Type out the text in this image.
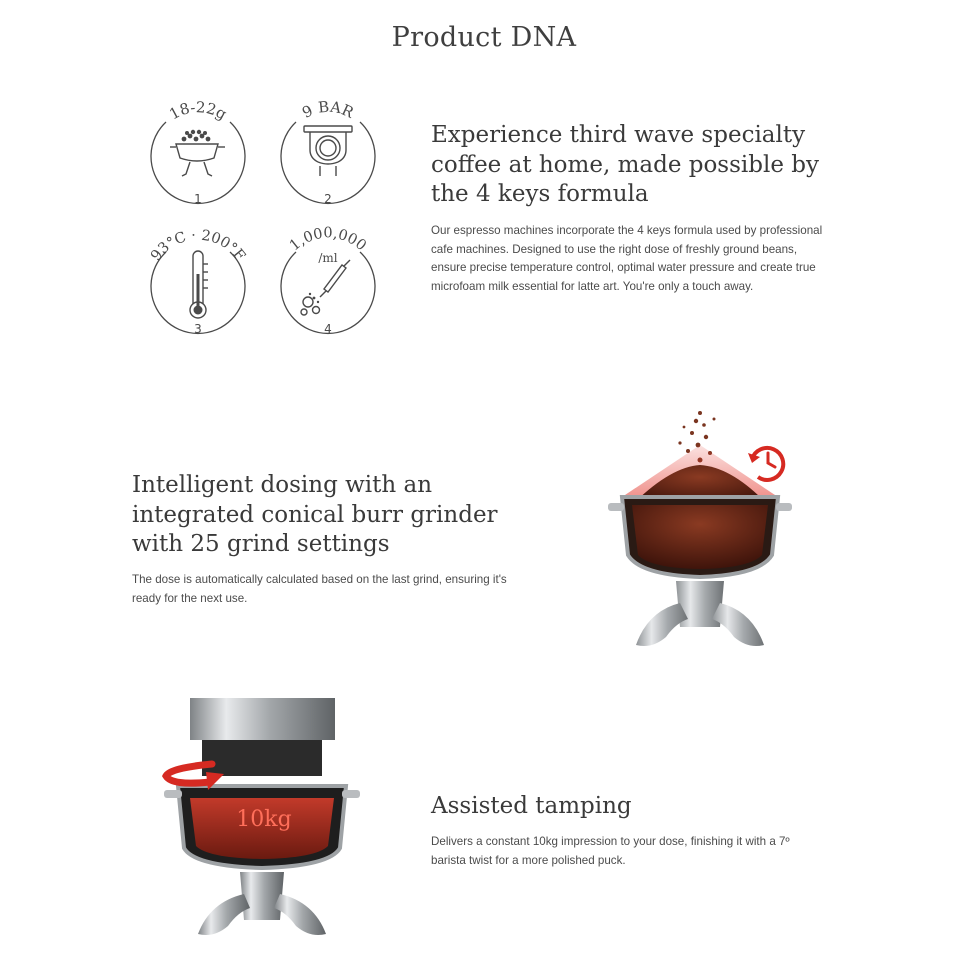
Product DNA
18-22g
1
9 BAR
2
93°C · 200°F
3
1,000,000
/ml
4
Experience third wave specialty coffee at home, made possible by the 4 keys formula

Our espresso machines incorporate the 4 keys formula used by professional cafe machines. Designed to use the right dose of freshly ground beans, ensure precise temperature control, optimal water pressure and create true microfoam milk essential for latte art. You're only a touch away.

Intelligent dosing with an integrated conical burr grinder with 25 grind settings

The dose is automatically calculated based on the last grind, ensuring it's ready for the next use.

10kg
Assisted tamping

Delivers a constant 10kg impression to your dose, finishing it with a 7º barista twist for a more polished puck.
